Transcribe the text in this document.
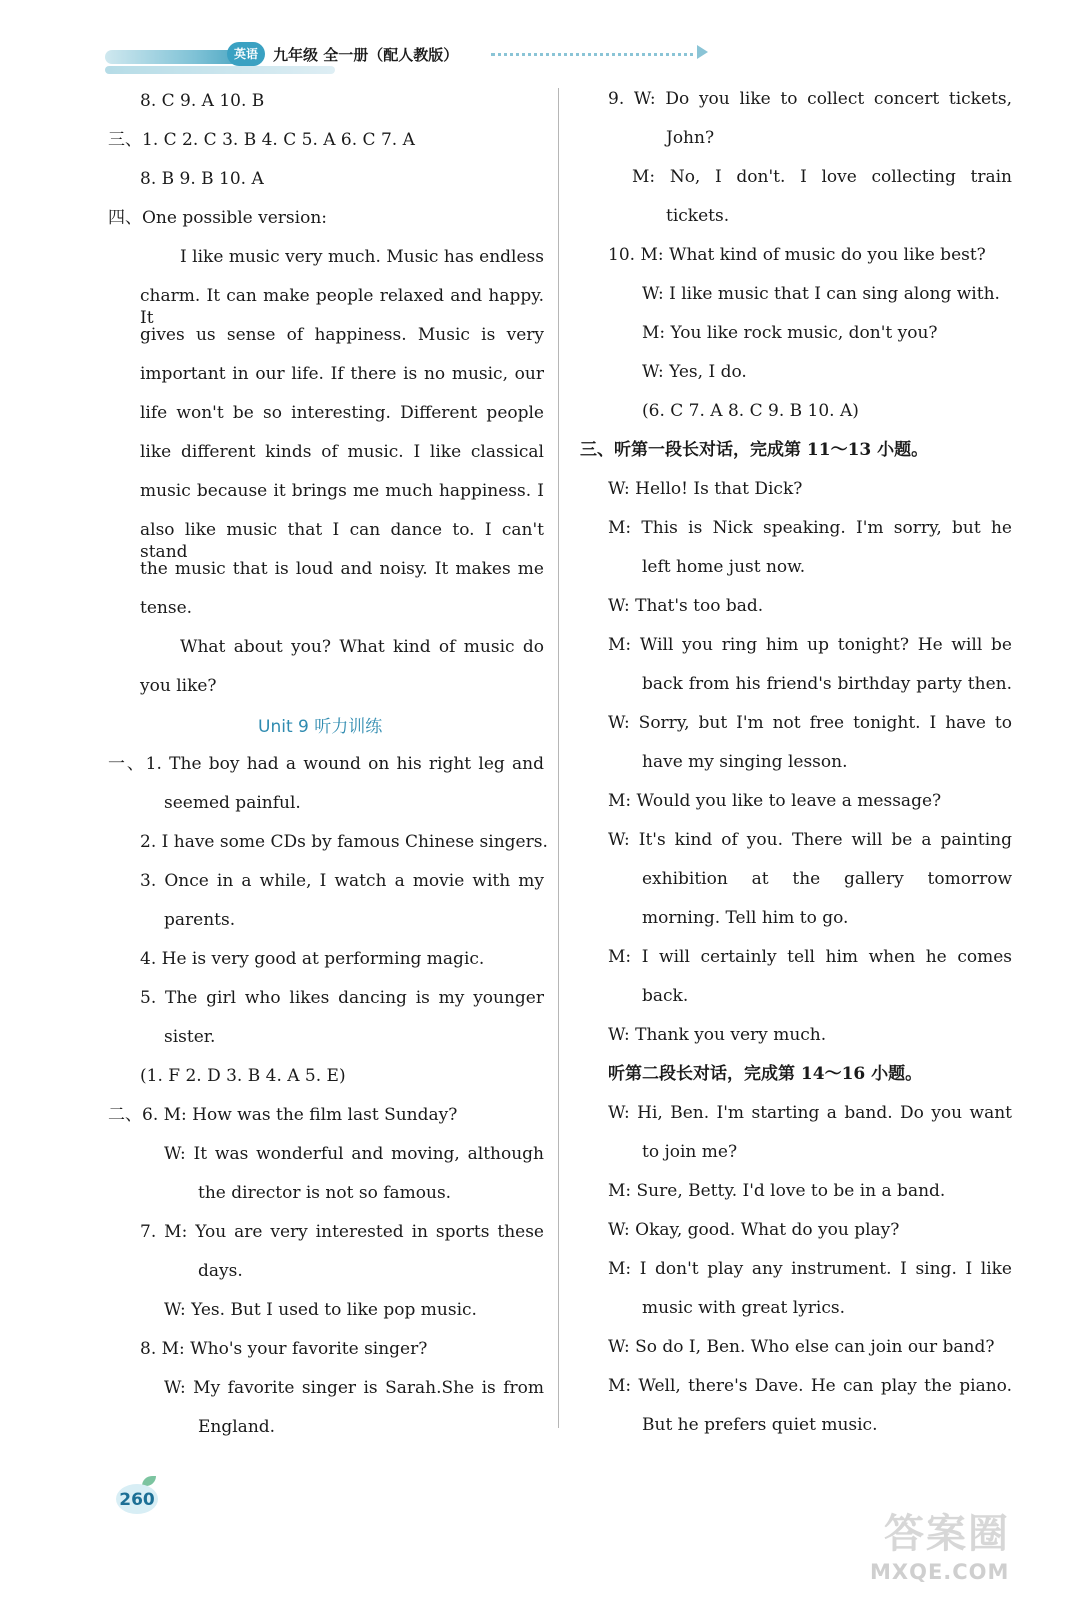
英语	九年级 全一册（配人教版）
8. C 9. A 10. B
三、1. C 2. C 3. B 4. C 5. A 6. C 7. A
8. B 9. B 10. A
四、One possible version:
I like music very much. Music has endless
charm. It can make people relaxed and happy. It
gives us sense of happiness. Music is very
important in our life. If there is no music, our
life won't be so interesting. Different people
like different kinds of music. I like classical
music because it brings me much happiness. I
also like music that I can dance to. I can't stand
the music that is loud and noisy. It makes me
tense.
What about you? What kind of music do
you like?
Unit 9 听力训练
一、1. The boy had a wound on his right leg and
seemed painful.
2. I have some CDs by famous Chinese singers.
3. Once in a while, I watch a movie with my
parents.
4. He is very good at performing magic.
5. The girl who likes dancing is my younger
sister.
(1. F 2. D 3. B 4. A 5. E)
二、6. M: How was the film last Sunday?
W: It was wonderful and moving, although
the director is not so famous.
7. M: You are very interested in sports these
days.
W: Yes. But I used to like pop music.
8. M: Who's your favorite singer?
W: My favorite singer is Sarah.She is from
England.
9. W: Do you like to collect concert tickets,
John?
M: No, I don't. I love collecting train
tickets.
10. M: What kind of music do you like best?
W: I like music that I can sing along with.
M: You like rock music, don't you?
W: Yes, I do.
(6. C 7. A 8. C 9. B 10. A)
三、听第一段长对话，完成第 11～13 小题。
W: Hello! Is that Dick?
M: This is Nick speaking. I'm sorry, but he
left home just now.
W: That's too bad.
M: Will you ring him up tonight? He will be
back from his friend's birthday party then.
W: Sorry, but I'm not free tonight. I have to
have my singing lesson.
M: Would you like to leave a message?
W: It's kind of you. There will be a painting
exhibition at the gallery tomorrow
morning. Tell him to go.
M: I will certainly tell him when he comes
back.
W: Thank you very much.
听第二段长对话，完成第 14～16 小题。
W: Hi, Ben. I'm starting a band. Do you want
to join me?
M: Sure, Betty. I'd love to be in a band.
W: Okay, good. What do you play?
M: I don't play any instrument. I sing. I like
music with great lyrics.
W: So do I, Ben. Who else can join our band?
M: Well, there's Dave. He can play the piano.
But he prefers quiet music.
260
答案圈
MXQE.COM
